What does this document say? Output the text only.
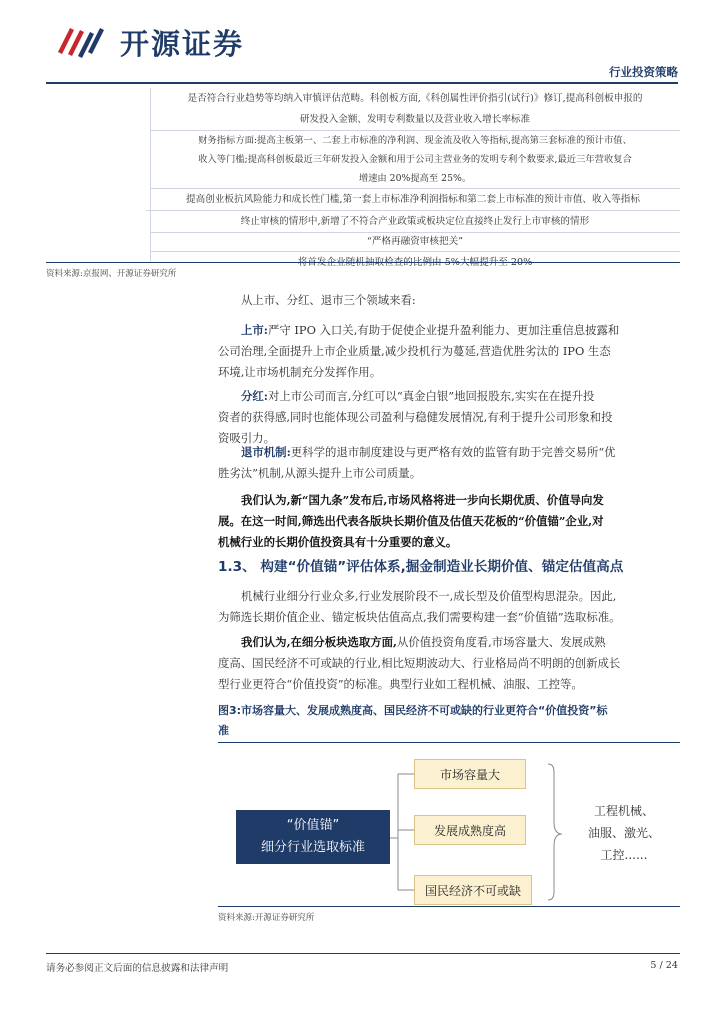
开源证券
行业投资策略
是否符合行业趋势等均纳入审慎评估范畴。科创板方面,《科创属性评价指引(试行)》修订,提高科创板申报的
研发投入金额、发明专利数量以及营业收入增长率标准
财务指标方面:提高主板第一、二套上市标准的净利润、现金流及收入等指标,提高第三套标准的预计市值、
收入等门槛;提高科创板最近三年研发投入金额和用于公司主营业务的发明专利个数要求,最近三年营收复合
增速由 20%提高至 25%。
提高创业板抗风险能力和成长性门槛,第一套上市标准净利润指标和第二套上市标准的预计市值、收入等指标
终止审核的情形中,新增了不符合产业政策或板块定位直接终止发行上市审核的情形
“严格再融资审核把关”
资料来源:京报网、开源证券研究所
从上市、分红、退市三个领域来看:
上市:严守 IPO 入口关,有助于促使企业提升盈利能力、更加注重信息披露和
公司治理,全面提升上市企业质量,减少投机行为蔓延,营造优胜劣汰的 IPO 生态
环境,让市场机制充分发挥作用。
分红:对上市公司而言,分红可以“真金白银”地回报股东,实实在在提升投
资者的获得感,同时也能体现公司盈利与稳健发展情况,有利于提升公司形象和投
资吸引力。
退市机制:更科学的退市制度建设与更严格有效的监管有助于完善交易所“优
胜劣汰”机制,从源头提升上市公司质量。
我们认为,新“国九条”发布后,市场风格将进一步向长期优质、价值导向发
展。在这一时间,筛选出代表各版块长期价值及估值天花板的“价值锚”企业,对
机械行业的长期价值投资具有十分重要的意义。
1.3、 构建“价值锚”评估体系,掘金制造业长期价值、锚定估值高点
机械行业细分行业众多,行业发展阶段不一,成长型及价值型构思混杂。因此,
为筛选长期价值企业、锚定板块估值高点,我们需要构建一套“价值锚”选取标准。
我们认为,在细分板块选取方面,从价值投资角度看,市场容量大、发展成熟
度高、国民经济不可或缺的行业,相比短期波动大、行业格局尚不明朗的创新成长
型行业更符合“价值投资”的标准。典型行业如工程机械、油服、工控等。
图3:市场容量大、发展成熟度高、国民经济不可或缺的行业更符合“价值投资”标
准
“价值锚”
细分行业选取标准
市场容量大
发展成熟度高
国民经济不可或缺
工程机械、
油服、激光、
工控......
资料来源:开源证券研究所
请务必参阅正文后面的信息披露和法律声明	5 / 24
